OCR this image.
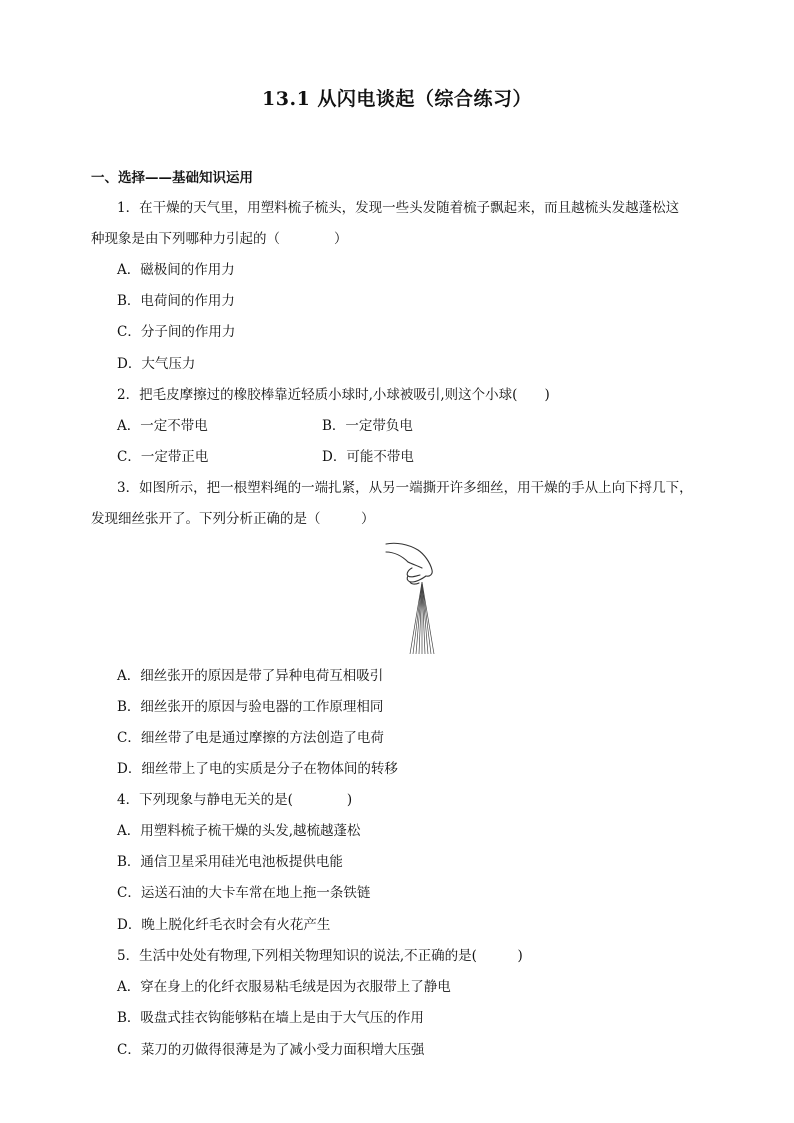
13.1 从闪电谈起（综合练习）
一、选择——基础知识运用
1．在干燥的天气里，用塑料梳子梳头，发现一些头发随着梳子飘起来，而且越梳头发越蓬松这
种现象是由下列哪种力引起的（　　　　）
A．磁极间的作用力
B．电荷间的作用力
C．分子间的作用力
D．大气压力
2．把毛皮摩擦过的橡胶棒靠近轻质小球时,小球被吸引,则这个小球(　　)
A．一定不带电	B．一定带负电
C．一定带正电	D．可能不带电
3．如图所示，把一根塑料绳的一端扎紧，从另一端撕开许多细丝，用干燥的手从上向下捋几下，
发现细丝张开了。下列分析正确的是（　　　）
A．细丝张开的原因是带了异种电荷互相吸引
B．细丝张开的原因与验电器的工作原理相同
C．细丝带了电是通过摩擦的方法创造了电荷
D．细丝带上了电的实质是分子在物体间的转移
4．下列现象与静电无关的是(　　　　)
A．用塑料梳子梳干燥的头发,越梳越蓬松
B．通信卫星采用硅光电池板提供电能
C．运送石油的大卡车常在地上拖一条铁链
D．晚上脱化纤毛衣时会有火花产生
5．生活中处处有物理,下列相关物理知识的说法,不正确的是(　　　)
A．穿在身上的化纤衣服易粘毛绒是因为衣服带上了静电
B．吸盘式挂衣钩能够粘在墙上是由于大气压的作用
C．菜刀的刃做得很薄是为了减小受力面积增大压强
